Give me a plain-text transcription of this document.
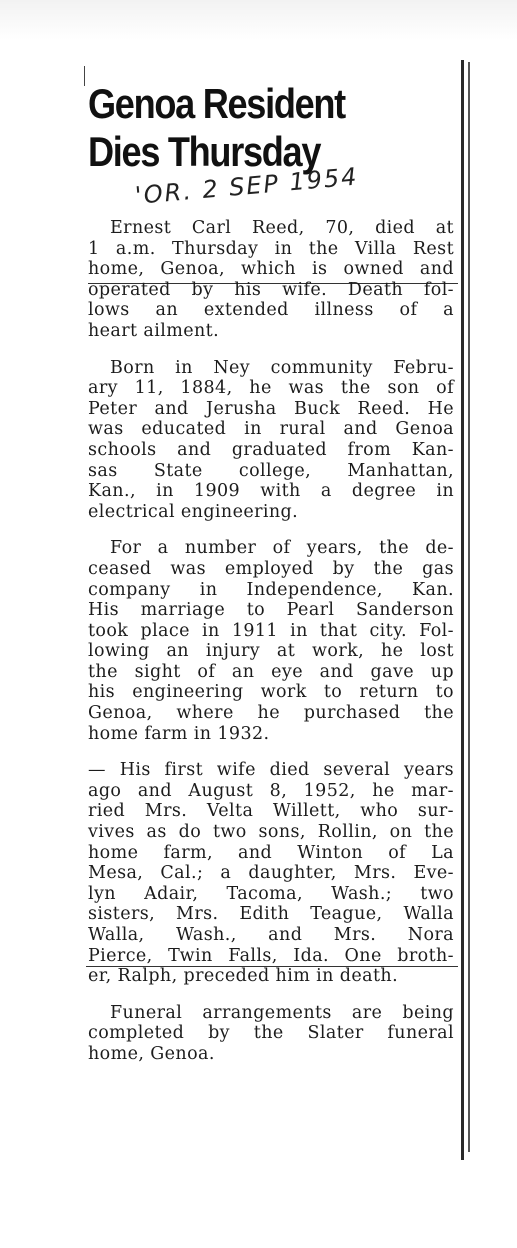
Genoa Resident
Dies Thursday
'OR. 2 SEP 1954
Ernest Carl Reed, 70, died at
1 a.m. Thursday in the Villa Rest
home, Genoa, which is owned and
operated by his wife. Death fol-
lows an extended illness of a
heart ailment.
Born in Ney community Febru-
ary 11, 1884, he was the son of
Peter and Jerusha Buck Reed. He
was educated in rural and Genoa
schools and graduated from Kan-
sas State college, Manhattan,
Kan., in 1909 with a degree in
electrical engineering.
For a number of years, the de-
ceased was employed by the gas
company in Independence, Kan.
His marriage to Pearl Sanderson
took place in 1911 in that city. Fol-
lowing an injury at work, he lost
the sight of an eye and gave up
his engineering work to return to
Genoa, where he purchased the
home farm in 1932.
— His first wife died several years
ago and August 8, 1952, he mar-
ried Mrs. Velta Willett, who sur-
vives as do two sons, Rollin, on the
home farm, and Winton of La
Mesa, Cal.; a daughter, Mrs. Eve-
lyn Adair, Tacoma, Wash.; two
sisters, Mrs. Edith Teague, Walla
Walla, Wash., and Mrs. Nora
Pierce, Twin Falls, Ida. One broth-
er, Ralph, preceded him in death.
Funeral arrangements are being
completed by the Slater funeral
home, Genoa.
